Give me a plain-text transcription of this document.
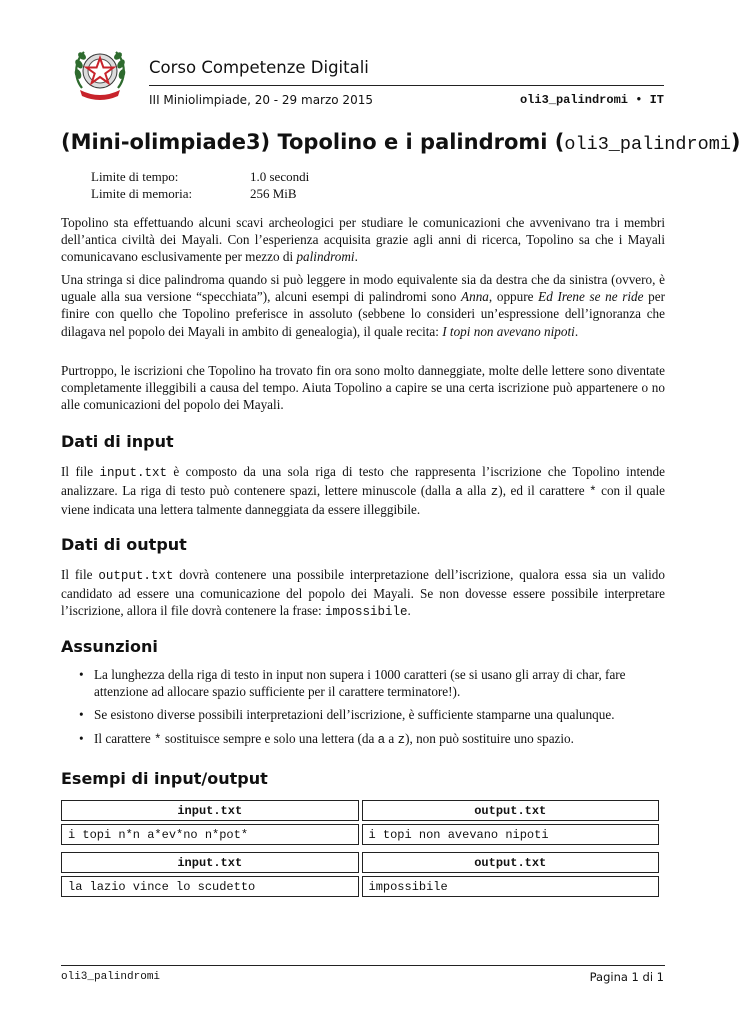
Corso Competenze Digitali
III Miniolimpiade, 20 - 29 marzo 2015	oli3_palindromi • IT
(Mini-olimpiade3) Topolino e i palindromi (oli3_palindromi)
Limite di tempo:	1.0 secondi
Limite di memoria:	256 MiB
Topolino sta effettuando alcuni scavi archeologici per studiare le comunicazioni che avvenivano tra i membri dell’antica civiltà dei Mayali. Con l’esperienza acquisita grazie agli anni di ricerca, Topolino sa che i Mayali comunicavano esclusivamente per mezzo di palindromi.
Una stringa si dice palindroma quando si può leggere in modo equivalente sia da destra che da sinistra (ovvero, è uguale alla sua versione “specchiata”), alcuni esempi di palindromi sono Anna, oppure Ed Irene se ne ride per finire con quello che Topolino preferisce in assoluto (sebbene lo consideri un’espressione dell’ignoranza che dilagava nel popolo dei Mayali in ambito di genealogia), il quale recita: I topi non avevano nipoti.
Purtroppo, le iscrizioni che Topolino ha trovato fin ora sono molto danneggiate, molte delle lettere sono diventate completamente illeggibili a causa del tempo. Aiuta Topolino a capire se una certa iscrizione può appartenere o no alle comunicazioni del popolo dei Mayali.
Dati di input
Il file input.txt è composto da una sola riga di testo che rappresenta l’iscrizione che Topolino intende analizzare. La riga di testo può contenere spazi, lettere minuscole (dalla a alla z), ed il carattere * con il quale viene indicata una lettera talmente danneggiata da essere illeggibile.
Dati di output
Il file output.txt dovrà contenere una possibile interpretazione dell’iscrizione, qualora essa sia un valido candidato ad essere una comunicazione del popolo dei Mayali. Se non dovesse essere possibile interpretare l’iscrizione, allora il file dovrà contenere la frase: impossibile.
Assunzioni
• La lunghezza della riga di testo in input non supera i 1000 caratteri (se si usano gli array di char, fare attenzione ad allocare spazio sufficiente per il carattere terminatore!).
• Se esistono diverse possibili interpretazioni dell’iscrizione, è sufficiente stamparne una qualunque.
• Il carattere * sostituisce sempre e solo una lettera (da a a z), non può sostituire uno spazio.
Esempi di input/output
input.txt	output.txt
i topi n*n a*ev*no n*pot*	i topi non avevano nipoti
input.txt	output.txt
la lazio vince lo scudetto	impossibile
oli3_palindromi	Pagina 1 di 1
